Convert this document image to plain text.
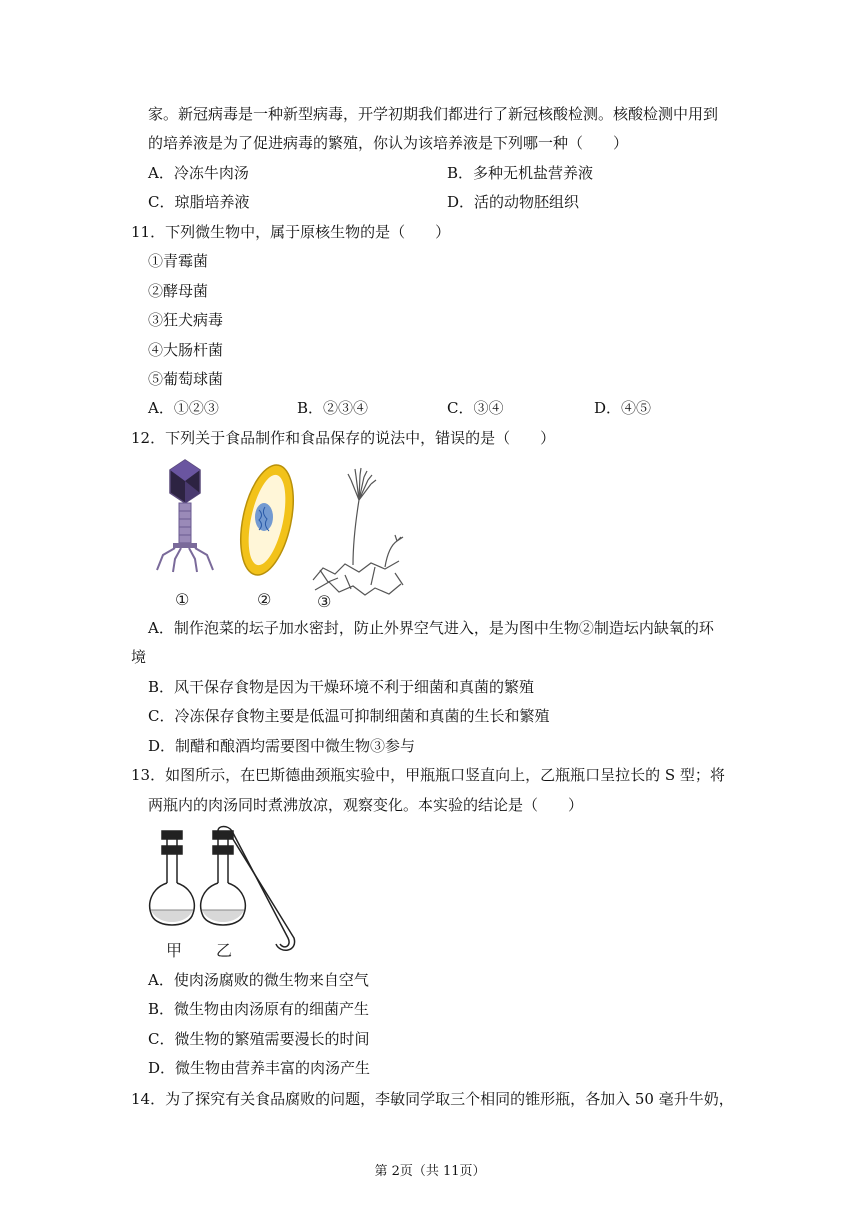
家。新冠病毒是一种新型病毒，开学初期我们都进行了新冠核酸检测。核酸检测中用到
的培养液是为了促进病毒的繁殖，你认为该培养液是下列哪一种（　　）
A．冷冻牛肉汤	B．多种无机盐营养液
C．琼脂培养液	D．活的动物胚组织
11．下列微生物中，属于原核生物的是（　　）
①青霉菌
②酵母菌
③狂犬病毒
④大肠杆菌
⑤葡萄球菌
A．①②③	B．②③④	C．③④	D．④⑤
12．下列关于食品制作和食品保存的说法中，错误的是（　　）
①	②	③
A．制作泡菜的坛子加水密封，防止外界空气进入，是为图中生物②制造坛内缺氧的环
境
B．风干保存食物是因为干燥环境不利于细菌和真菌的繁殖
C．冷冻保存食物主要是低温可抑制细菌和真菌的生长和繁殖
D．制醋和酿酒均需要图中微生物③参与
13．如图所示，在巴斯德曲颈瓶实验中，甲瓶瓶口竖直向上，乙瓶瓶口呈拉长的 S 型；将
两瓶内的肉汤同时煮沸放凉，观察变化。本实验的结论是（　　）
甲 乙
A．使肉汤腐败的微生物来自空气
B．微生物由肉汤原有的细菌产生
C．微生物的繁殖需要漫长的时间
D．微生物由营养丰富的肉汤产生
14．为了探究有关食品腐败的问题，李敏同学取三个相同的锥形瓶，各加入 50 毫升牛奶，
第 2页（共 11页）
